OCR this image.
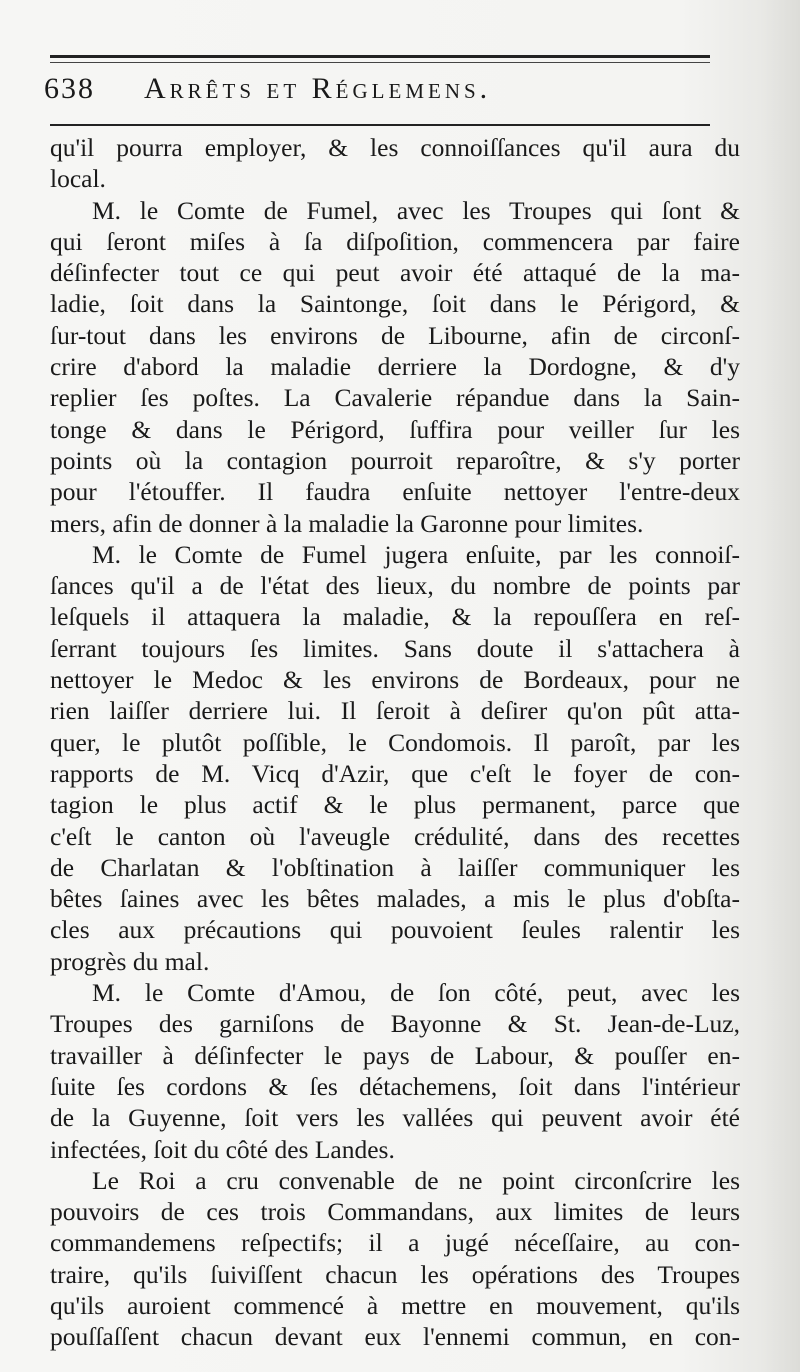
638 Arrêts et Réglemens.
qu'il pourra employer, & les connoiſſances qu'il aura du
local.
M. le Comte de Fumel, avec les Troupes qui ſont &
qui ſeront miſes à ſa diſpoſition, commencera par faire
déſinfecter tout ce qui peut avoir été attaqué de la ma-
ladie, ſoit dans la Saintonge, ſoit dans le Périgord, &
ſur-tout dans les environs de Libourne, afin de circonſ-
crire d'abord la maladie derriere la Dordogne, & d'y
replier ſes poſtes. La Cavalerie répandue dans la Sain-
tonge & dans le Périgord, ſuffira pour veiller ſur les
points où la contagion pourroit reparoître, & s'y porter
pour l'étouffer. Il faudra enſuite nettoyer l'entre-deux
mers, afin de donner à la maladie la Garonne pour limites.
M. le Comte de Fumel jugera enſuite, par les connoiſ-
ſances qu'il a de l'état des lieux, du nombre de points par
leſquels il attaquera la maladie, & la repouſſera en reſ-
ſerrant toujours ſes limites. Sans doute il s'attachera à
nettoyer le Medoc & les environs de Bordeaux, pour ne
rien laiſſer derriere lui. Il ſeroit à deſirer qu'on pût atta-
quer, le plutôt poſſible, le Condomois. Il paroît, par les
rapports de M. Vicq d'Azir, que c'eſt le foyer de con-
tagion le plus actif & le plus permanent, parce que
c'eſt le canton où l'aveugle crédulité, dans des recettes
de Charlatan & l'obſtination à laiſſer communiquer les
bêtes ſaines avec les bêtes malades, a mis le plus d'obſta-
cles aux précautions qui pouvoient ſeules ralentir les
progrès du mal.
M. le Comte d'Amou, de ſon côté, peut, avec les
Troupes des garniſons de Bayonne & St. Jean-de-Luz,
travailler à déſinfecter le pays de Labour, & pouſſer en-
ſuite ſes cordons & ſes détachemens, ſoit dans l'intérieur
de la Guyenne, ſoit vers les vallées qui peuvent avoir été
infectées, ſoit du côté des Landes.
Le Roi a cru convenable de ne point circonſcrire les
pouvoirs de ces trois Commandans, aux limites de leurs
commandemens reſpectifs; il a jugé néceſſaire, au con-
traire, qu'ils ſuiviſſent chacun les opérations des Troupes
qu'ils auroient commencé à mettre en mouvement, qu'ils
pouſſaſſent chacun devant eux l'ennemi commun, en con-
